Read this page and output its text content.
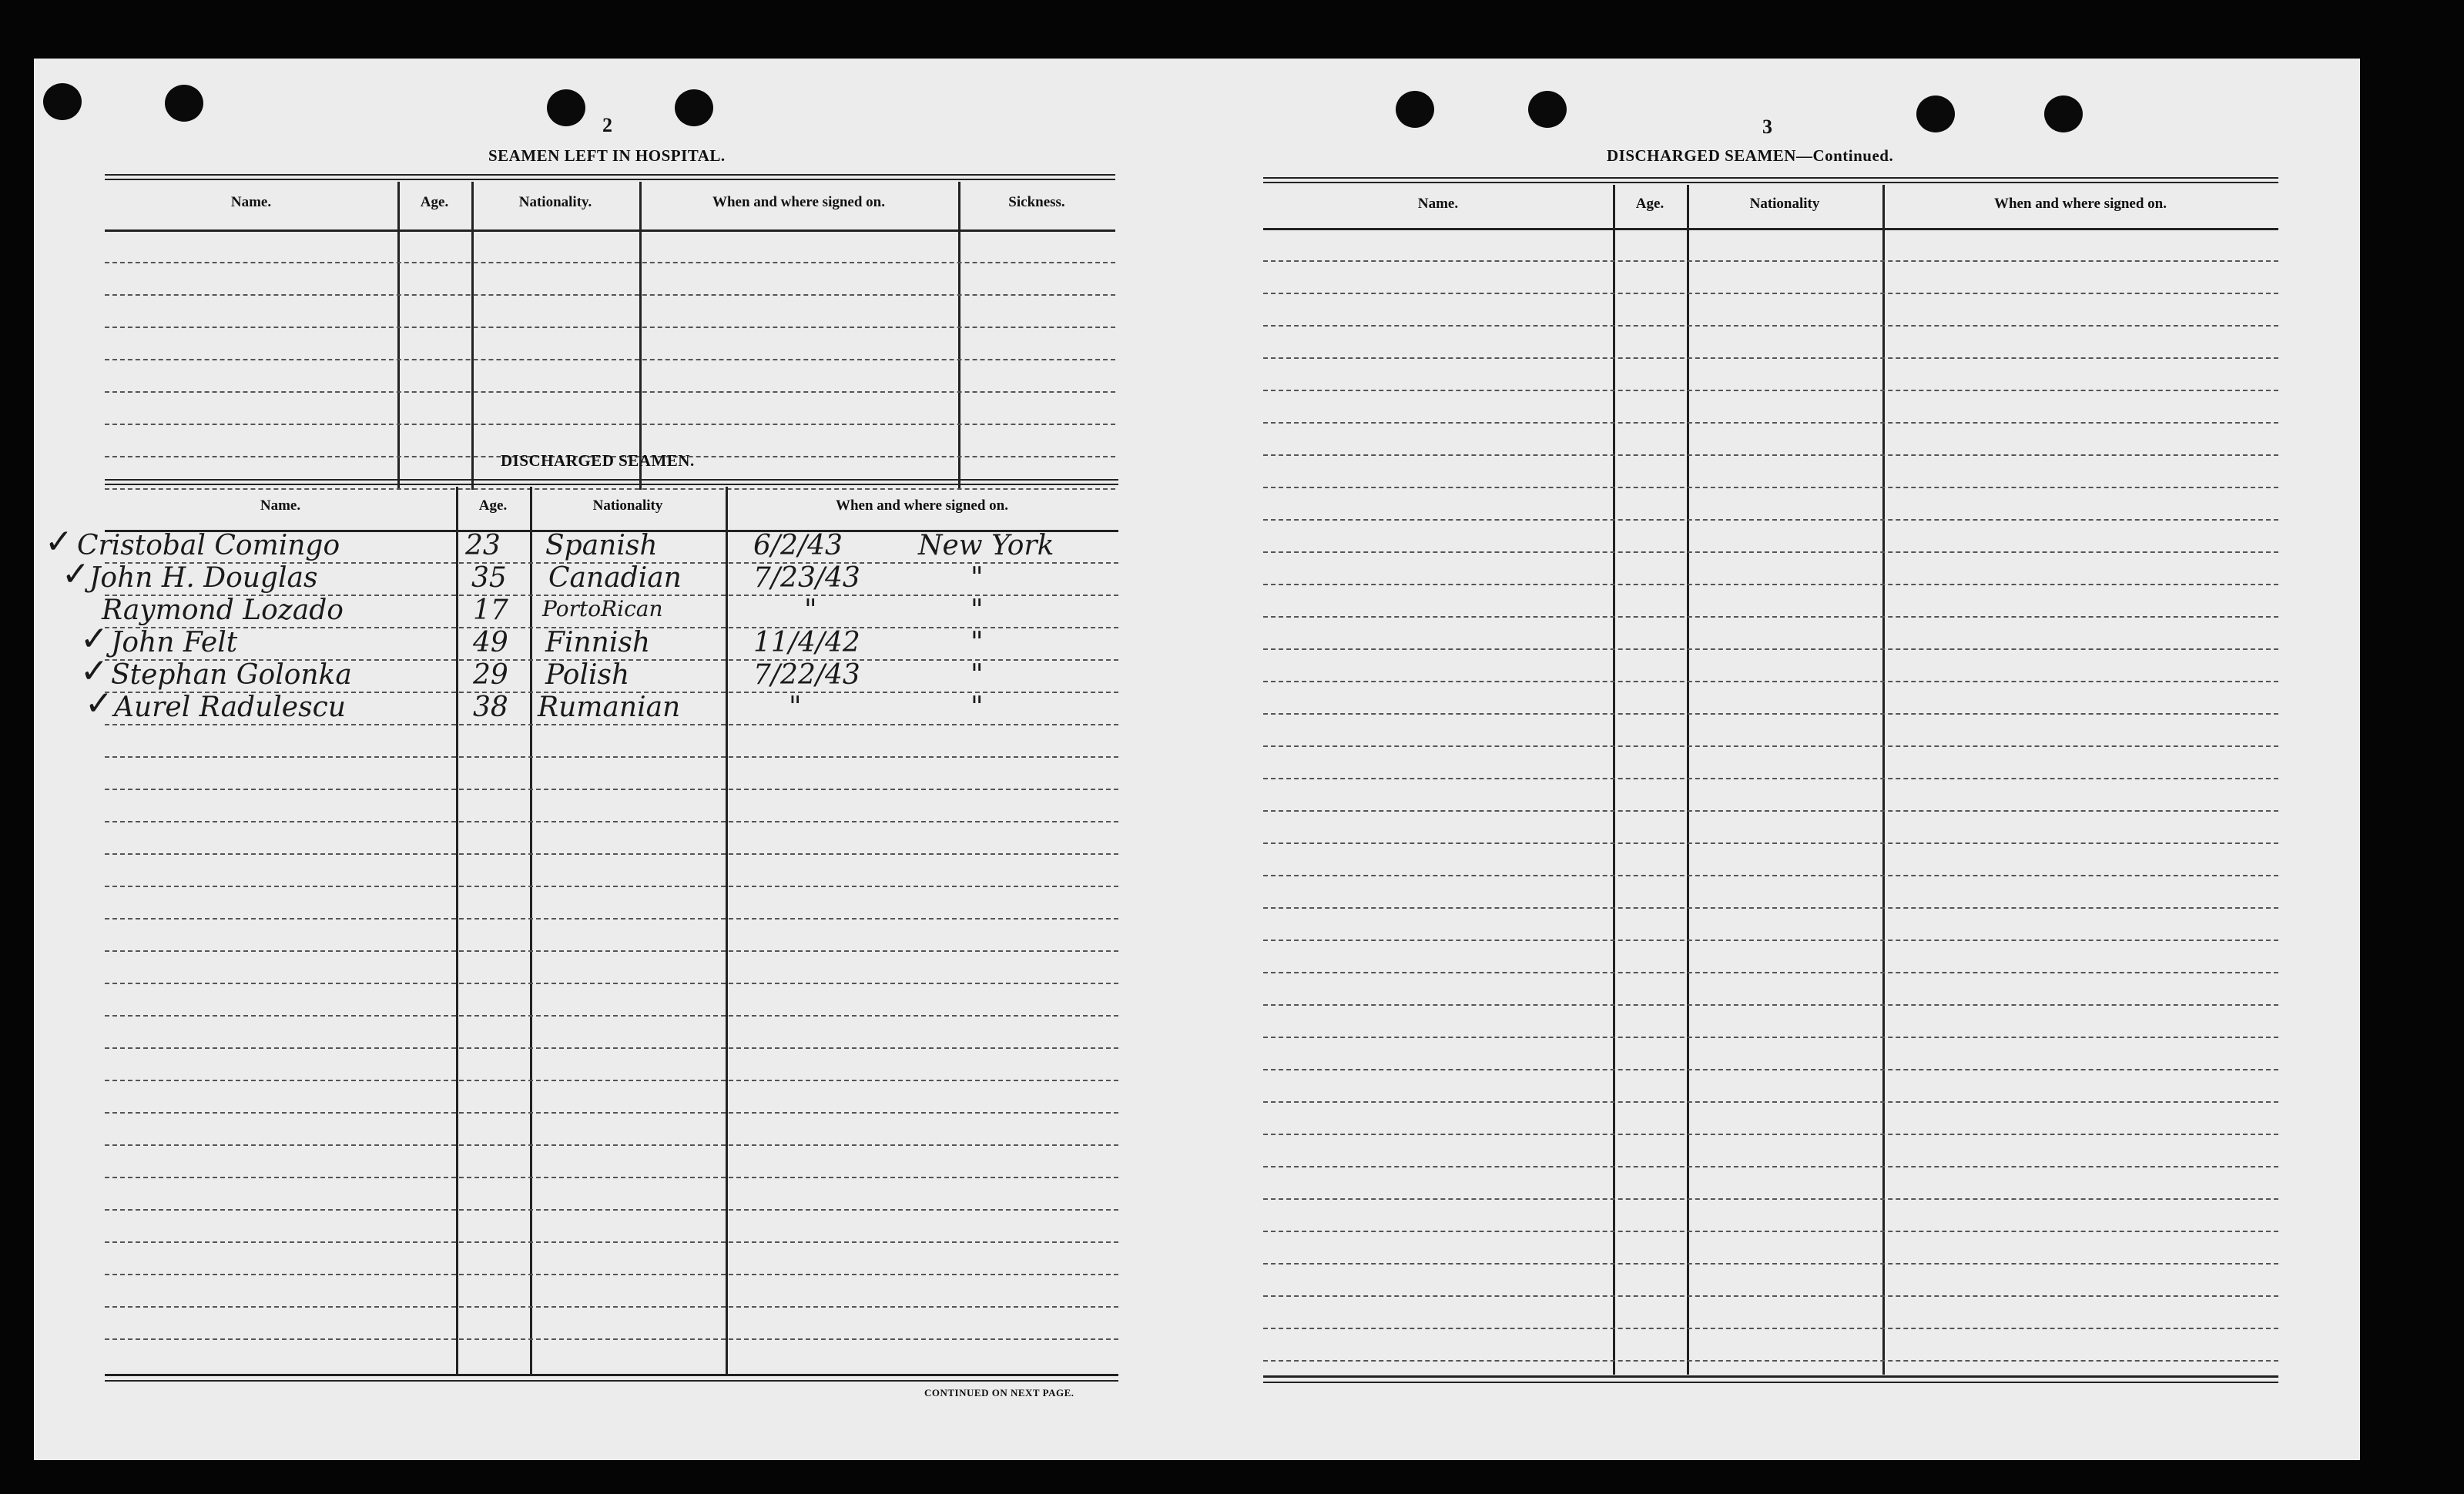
2
SEAMEN LEFT IN HOSPITAL.
Name.	Age.	Nationality.	When and where signed on.	Sickness.
DISCHARGED SEAMEN.
Name.	Age.	Nationality	When and where signed on.
✓ Cristobal Comingo	23 Spanish	6/2/43	New York
✓ John H. Douglas	35 Canadian	7/23/43	"
Raymond Lozado	17 PortoRican	"	"
✓ John Felt	49 Finnish	11/4/42	"
✓ Stephan Golonka	29 Polish	7/22/43	"
✓ Aurel Radulescu	38 Rumanian	"	"
CONTINUED ON NEXT PAGE.
3
DISCHARGED SEAMEN—Continued.
Name.	Age.	Nationality	When and where signed on.
